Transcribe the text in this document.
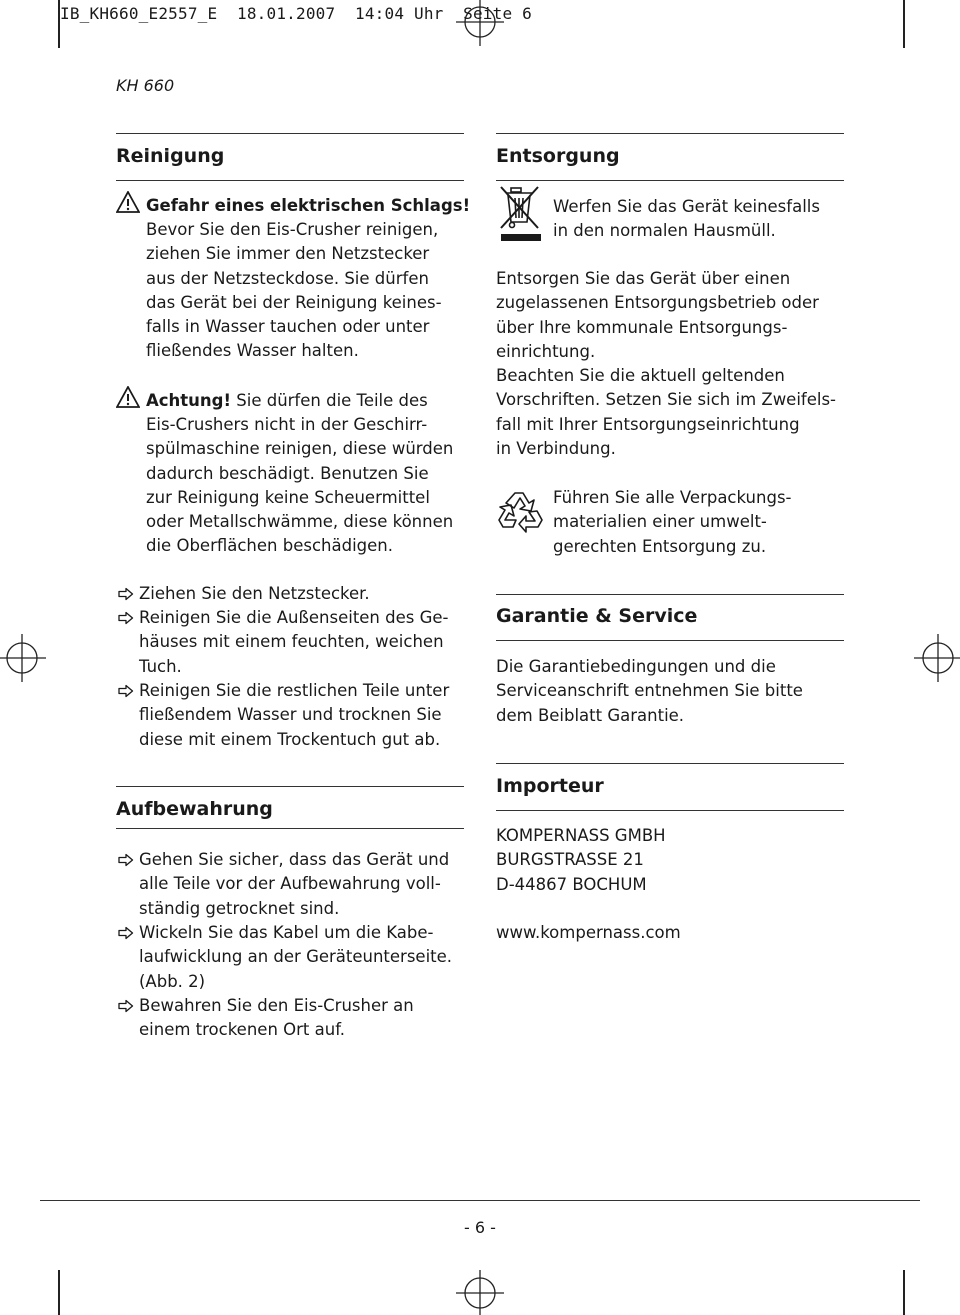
IB_KH660_E2557_E  18.01.2007  14:04 Uhr  Seite 6
KH 660
Reinigung
Gefahr eines elektrischen Schlags!
Bevor Sie den Eis-Crusher reinigen,
ziehen Sie immer den Netzstecker
aus der Netzsteckdose. Sie dürfen
das Gerät bei der Reinigung keines-
falls in Wasser tauchen oder unter
fließendes Wasser halten.
Achtung! Sie dürfen die Teile des
Eis-Crushers nicht in der Geschirr-
spülmaschine reinigen, diese würden
dadurch beschädigt. Benutzen Sie
zur Reinigung keine Scheuermittel
oder Metallschwämme, diese können
die Oberflächen beschädigen.
Ziehen Sie den Netzstecker.
Reinigen Sie die Außenseiten des Ge-
häuses mit einem feuchten, weichen
Tuch.
Reinigen Sie die restlichen Teile unter
fließendem Wasser und trocknen Sie
diese mit einem Trockentuch gut ab.
Aufbewahrung
Gehen Sie sicher, dass das Gerät und
alle Teile vor der Aufbewahrung voll-
ständig getrocknet sind.
Wickeln Sie das Kabel um die Kabe-
laufwicklung an der Geräteunterseite.
(Abb. 2)
Bewahren Sie den Eis-Crusher an
einem trockenen Ort auf.
Entsorgung
Werfen Sie das Gerät keinesfalls
in den normalen Hausmüll.
Entsorgen Sie das Gerät über einen
zugelassenen Entsorgungsbetrieb oder
über Ihre kommunale Entsorgungs-
einrichtung.
Beachten Sie die aktuell geltenden
Vorschriften. Setzen Sie sich im Zweifels-
fall mit Ihrer Entsorgungseinrichtung
in Verbindung.
Führen Sie alle Verpackungs-
materialien einer umwelt-
gerechten Entsorgung zu.
Garantie & Service
Die Garantiebedingungen und die
Serviceanschrift entnehmen Sie bitte
dem Beiblatt Garantie.
Importeur
KOMPERNASS GMBH
BURGSTRASSE 21
D-44867 BOCHUM
www.kompernass.com
- 6 -
